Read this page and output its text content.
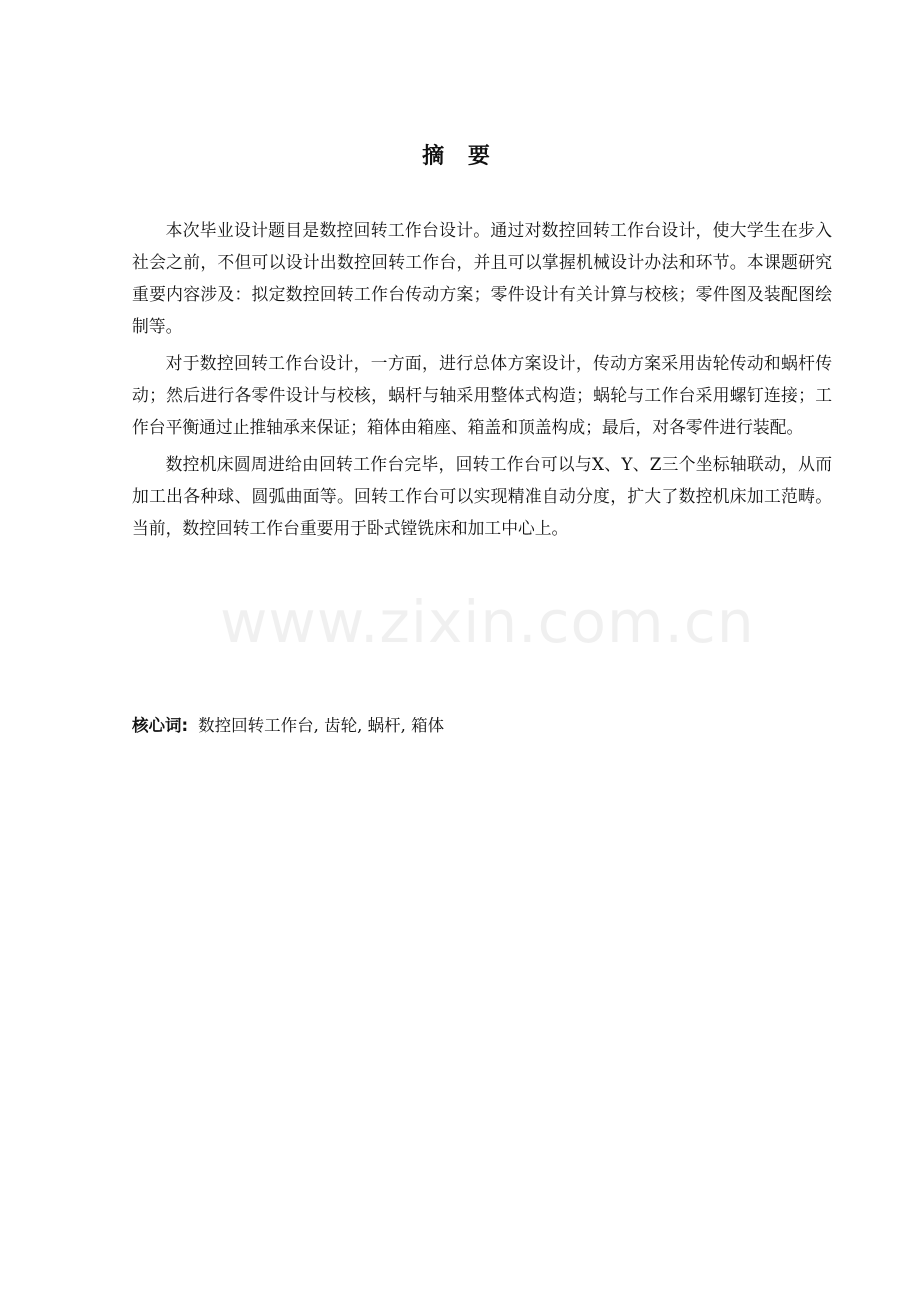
摘 要

本次毕业设计题目是数控回转工作台设计。通过对数控回转工作台设计，使大学生在步入社会之前，不但可以设计出数控回转工作台，并且可以掌握机械设计办法和环节。本课题研究重要内容涉及：拟定数控回转工作台传动方案；零件设计有关计算与校核；零件图及装配图绘制等。

对于数控回转工作台设计，一方面，进行总体方案设计，传动方案采用齿轮传动和蜗杆传动；然后进行各零件设计与校核，蜗杆与轴采用整体式构造；蜗轮与工作台采用螺钉连接；工作台平衡通过止推轴承来保证；箱体由箱座、箱盖和顶盖构成；最后，对各零件进行装配。

数控机床圆周进给由回转工作台完毕，回转工作台可以与X、Y、Z三个坐标轴联动，从而加工出各种球、圆弧曲面等。回转工作台可以实现精准自动分度，扩大了数控机床加工范畴。当前，数控回转工作台重要用于卧式镗铣床和加工中心上。

核心词: 数控回转工作台, 齿轮, 蜗杆, 箱体
www.zixin.com.cn
